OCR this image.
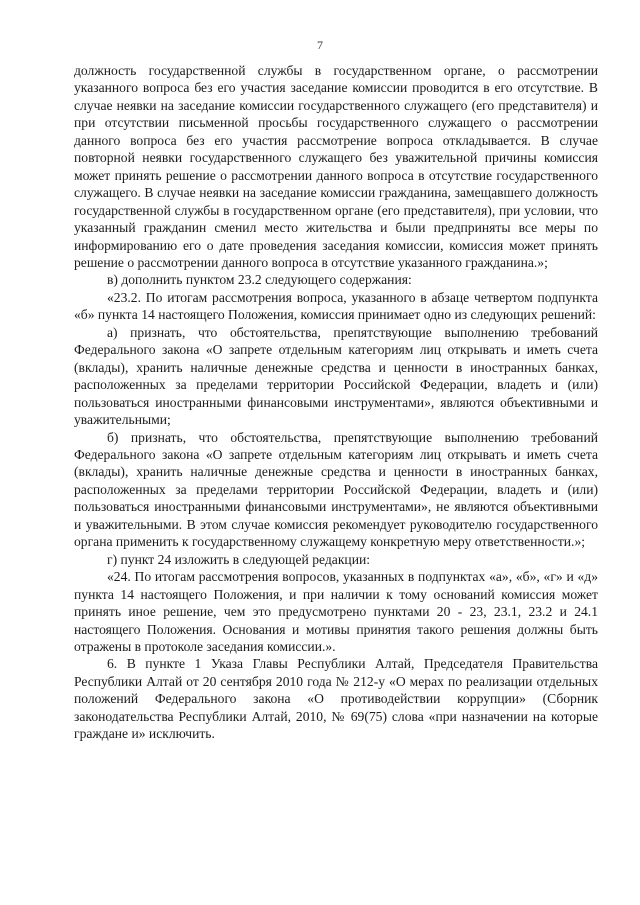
7

должность государственной службы в государственном органе, о рассмотрении указанного вопроса без его участия заседание комиссии проводится в его отсутствие. В случае неявки на заседание комиссии государственного служащего (его представителя) и при отсутствии письменной просьбы государственного служащего о рассмотрении данного вопроса без его участия рассмотрение вопроса откладывается. В случае повторной неявки государственного служащего без уважительной причины комиссия может принять решение о рассмотрении данного вопроса в отсутствие государственного служащего. В случае неявки на заседание комиссии гражданина, замещавшего должность государственной службы в государственном органе (его представителя), при условии, что указанный гражданин сменил место жительства и были предприняты все меры по информированию его о дате проведения заседания комиссии, комиссия может принять решение о рассмотрении данного вопроса в отсутствие указанного гражданина.»;

в) дополнить пунктом 23.2 следующего содержания:

«23.2. По итогам рассмотрения вопроса, указанного в абзаце четвертом подпункта «б» пункта 14 настоящего Положения, комиссия принимает одно из следующих решений:

а) признать, что обстоятельства, препятствующие выполнению требований Федерального закона «О запрете отдельным категориям лиц открывать и иметь счета (вклады), хранить наличные денежные средства и ценности в иностранных банках, расположенных за пределами территории Российской Федерации, владеть и (или) пользоваться иностранными финансовыми инструментами», являются объективными и уважительными;

б) признать, что обстоятельства, препятствующие выполнению требований Федерального закона «О запрете отдельным категориям лиц открывать и иметь счета (вклады), хранить наличные денежные средства и ценности в иностранных банках, расположенных за пределами территории Российской Федерации, владеть и (или) пользоваться иностранными финансовыми инструментами», не являются объективными и уважительными. В этом случае комиссия рекомендует руководителю государственного органа применить к государственному служащему конкретную меру ответственности.»;

г) пункт 24 изложить в следующей редакции:

«24. По итогам рассмотрения вопросов, указанных в подпунктах «а», «б», «г» и «д» пункта 14 настоящего Положения, и при наличии к тому оснований комиссия может принять иное решение, чем это предусмотрено пунктами 20 - 23, 23.1, 23.2 и 24.1 настоящего Положения. Основания и мотивы принятия такого решения должны быть отражены в протоколе заседания комиссии.».

6. В пункте 1 Указа Главы Республики Алтай, Председателя Правительства Республики Алтай от 20 сентября 2010 года № 212-у «О мерах по реализации отдельных положений Федерального закона «О противодействии коррупции» (Сборник законодательства Республики Алтай, 2010, № 69(75) слова «при назначении на которые граждане и» исключить.
